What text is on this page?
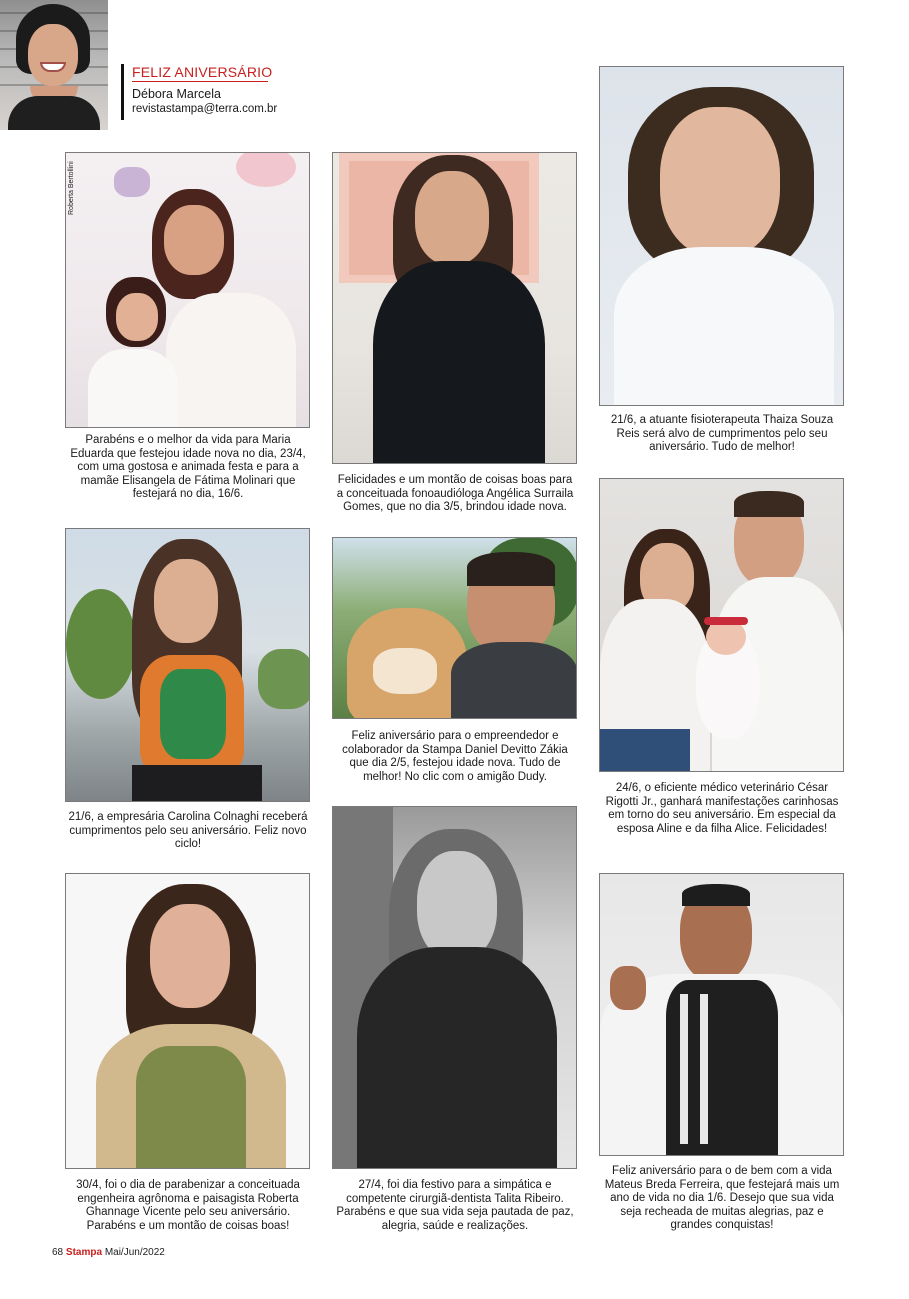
FELIZ ANIVERSÁRIO
Débora Marcela
revistastampa@terra.com.br
Roberta Bertollini
Parabéns e o melhor da vida para Maria Eduarda que festejou idade nova no dia, 23/4, com uma gostosa e animada festa e para a mamãe Elisangela de Fátima Molinari que festejará no dia, 16/6.
Felicidades e um montão de coisas boas para a conceituada fonoaudióloga Angélica Surraila Gomes, que no dia 3/5, brindou idade nova.
21/6, a atuante fisioterapeuta Thaiza Souza Reis será alvo de cumprimentos pelo seu aniversário. Tudo de melhor!
21/6, a empresária Carolina Colnaghi receberá cumprimentos pelo seu aniversário. Feliz novo ciclo!
Feliz aniversário para o empreendedor e colaborador da Stampa Daniel Devitto Zákia que dia 2/5, festejou idade nova. Tudo de melhor! No clic com o amigão Dudy.
24/6, o eficiente médico veterinário César Rigotti Jr., ganhará manifestações carinhosas em torno do seu aniversário. Em especial da esposa Aline e da filha Alice. Felicidades!
30/4, foi o dia de parabenizar a conceituada engenheira agrônoma e paisagista Roberta Ghannage Vicente pelo seu aniversário. Parabéns e um montão de coisas boas!
27/4, foi dia festivo para a simpática e competente cirurgiã-dentista Talita Ribeiro. Parabéns e que sua vida seja pautada de paz, alegria, saúde e realizações.
Feliz aniversário para o de bem com a vida Mateus Breda Ferreira, que festejará mais um ano de vida no dia 1/6. Desejo que sua vida seja recheada de muitas alegrias, paz e grandes conquistas!
68 Stampa Mai/Jun/2022
